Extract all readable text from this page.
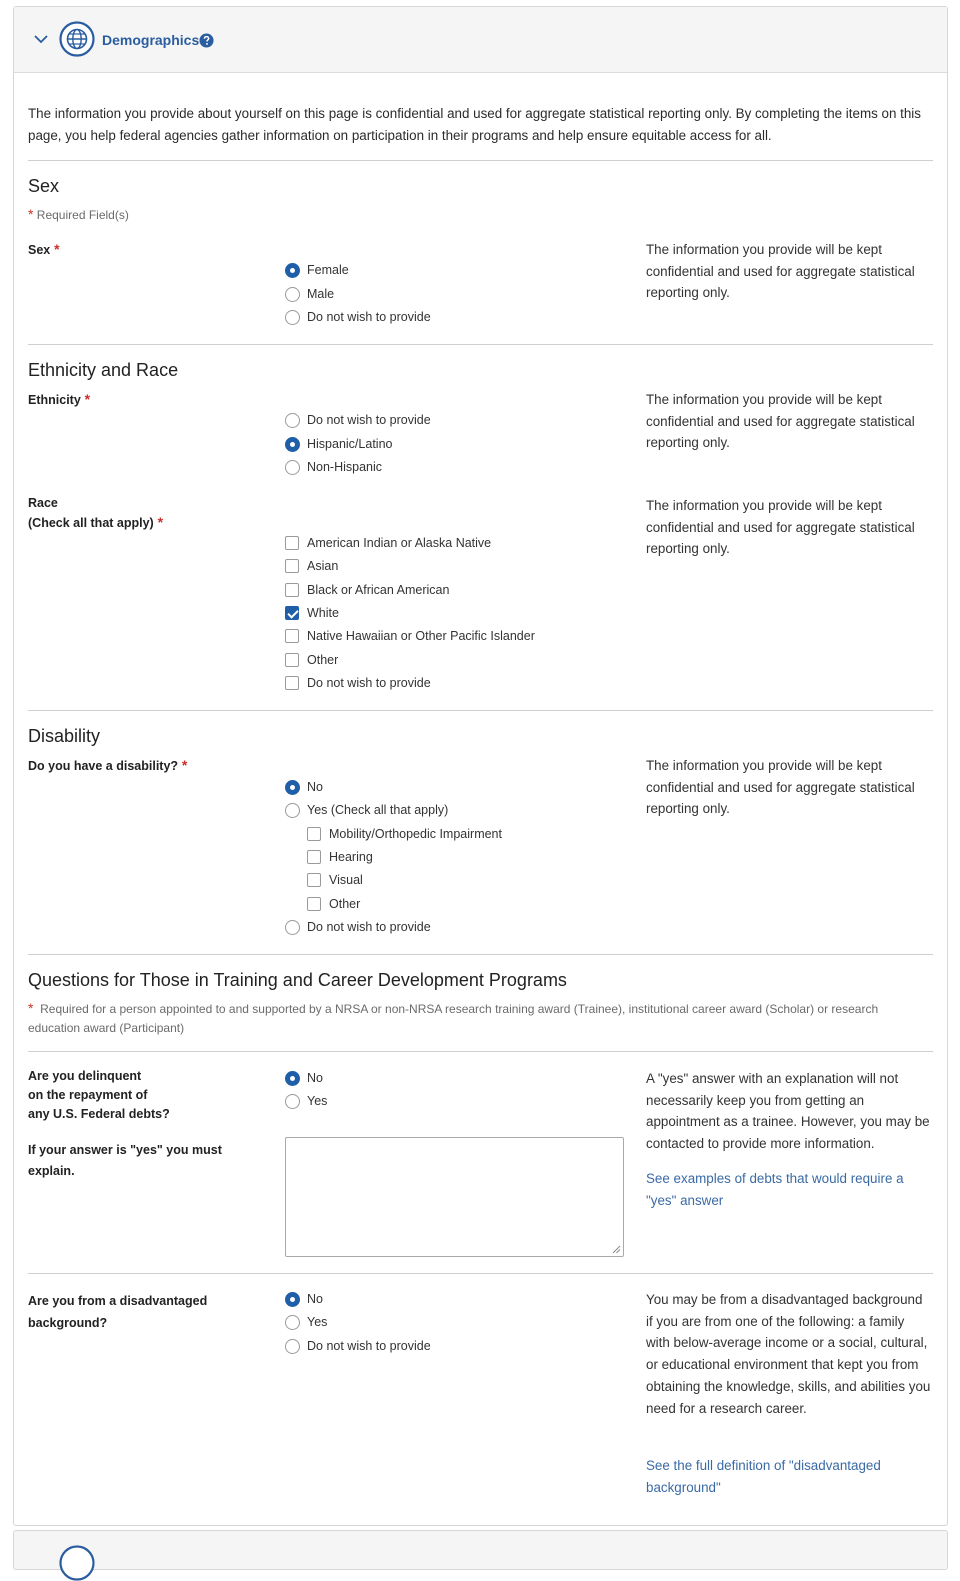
Demographics
The information you provide about yourself on this page is confidential and used for aggregate statistical reporting only. By completing the items on this page, you help federal agencies gather information on participation in their programs and help ensure equitable access for all.
Sex
* Required Field(s)
Sex *	The information you provide will be kept confidential and used for aggregate statistical reporting only.
Female
Male
Do not wish to provide
Ethnicity and Race
Ethnicity *	The information you provide will be kept confidential and used for aggregate statistical reporting only.
Do not wish to provide
Hispanic/Latino
Non-Hispanic
Race
(Check all that apply) *
The information you provide will be kept confidential and used for aggregate statistical reporting only.
American Indian or Alaska Native
Asian
Black or African American
White
Native Hawaiian or Other Pacific Islander
Other
Do not wish to provide
Disability
Do you have a disability? *	The information you provide will be kept confidential and used for aggregate statistical reporting only.
No
Yes (Check all that apply)
Mobility/Orthopedic Impairment
Hearing
Visual
Other
Do not wish to provide
Questions for Those in Training and Career Development Programs
* Required for a person appointed to and supported by a NRSA or non-NRSA research training award (Trainee), institutional career award (Scholar) or research education award (Participant)
Are you delinquent
on the repayment of
any U.S. Federal debts?
No
Yes
A "yes" answer with an explanation will not necessarily keep you from getting an appointment as a trainee. However, you may be contacted to provide more information.
See examples of debts that would require a "yes" answer
If your answer is "yes" you must
explain.
Are you from a disadvantaged
background?
No
Yes
Do not wish to provide
You may be from a disadvantaged background if you are from one of the following: a family with below-average income or a social, cultural, or educational environment that kept you from obtaining the knowledge, skills, and abilities you need for a research career.
See the full definition of "disadvantaged background"
